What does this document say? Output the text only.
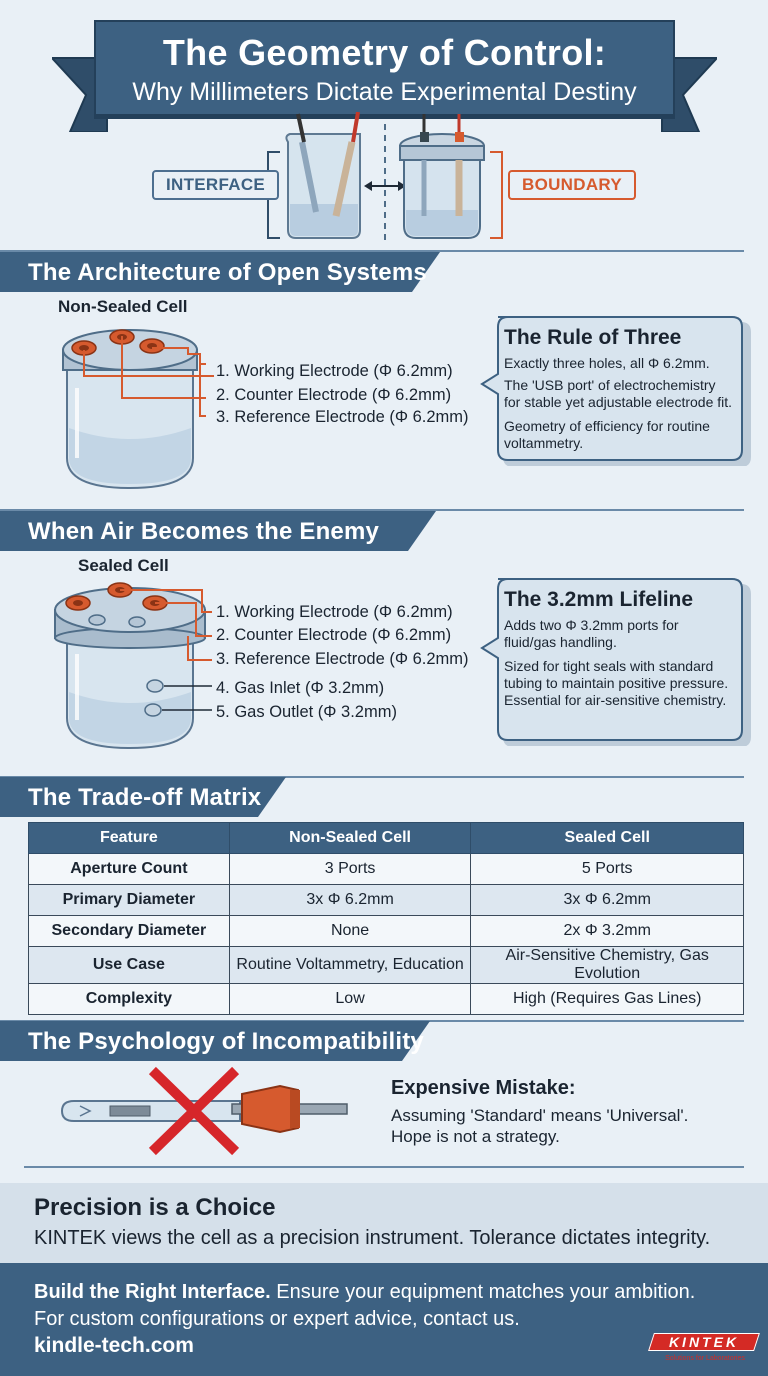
The Geometry of Control:
Why Millimeters Dictate Experimental Destiny
INTERFACE	BOUNDARY
The Architecture of Open Systems
Non-Sealed Cell
1. Working Electrode (Φ 6.2mm)
2. Counter Electrode (Φ 6.2mm)
3. Reference Electrode (Φ 6.2mm)
The Rule of Three
Exactly three holes, all Φ 6.2mm.
The 'USB port' of electrochemistry for stable yet adjustable electrode fit.
Geometry of efficiency for routine voltammetry.
When Air Becomes the Enemy
Sealed Cell
1. Working Electrode (Φ 6.2mm)
2. Counter Electrode (Φ 6.2mm)
3. Reference Electrode (Φ 6.2mm)
4. Gas Inlet (Φ 3.2mm)
5. Gas Outlet (Φ 3.2mm)
The 3.2mm Lifeline
Adds two Φ 3.2mm ports for fluid/gas handling.
Sized for tight seals with standard tubing to maintain positive pressure. Essential for air-sensitive chemistry.
The Trade-off Matrix
Feature	Non-Sealed Cell	Sealed Cell
Aperture Count	3 Ports	5 Ports
Primary Diameter	3x Φ 6.2mm	3x Φ 6.2mm
Secondary Diameter	None	2x Φ 3.2mm
Use Case	Routine Voltammetry, Education	Air-Sensitive Chemistry, Gas Evolution
Complexity	Low	High (Requires Gas Lines)
The Psychology of Incompatibility
Expensive Mistake:
Assuming 'Standard' means 'Universal'.
Hope is not a strategy.
Precision is a Choice

KINTEK views the cell as a precision instrument. Tolerance dictates integrity.

Build the Right Interface. Ensure your equipment matches your ambition.
For custom configurations or expert advice, contact us.
kindle-tech.com	KINTEK
Solutions for Laboratories
